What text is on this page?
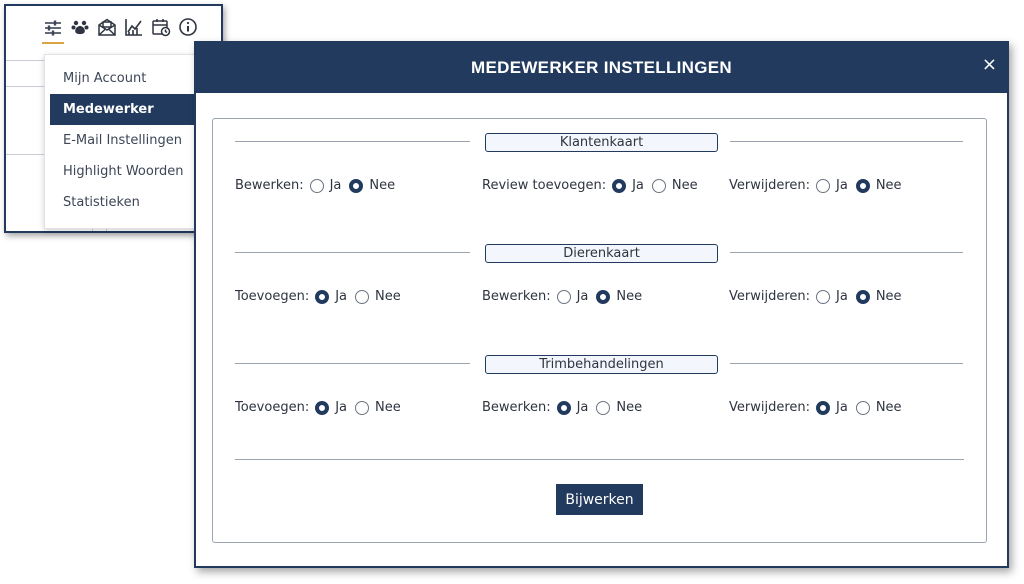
Mijn Account
Medewerker
E-Mail Instellingen
Highlight Woorden
Statistieken
MEDEWERKER INSTELLINGEN	×
Klantenkaart
Bewerken: Ja Nee	Review toevoegen: Ja Nee Verwijderen: Ja Nee
Dierenkaart
Toevoegen: Ja Nee	Bewerken: Ja Nee	Verwijderen: Ja Nee
Trimbehandelingen
Toevoegen: Ja Nee	Bewerken: Ja Nee	Verwijderen: Ja Nee
Bijwerken
